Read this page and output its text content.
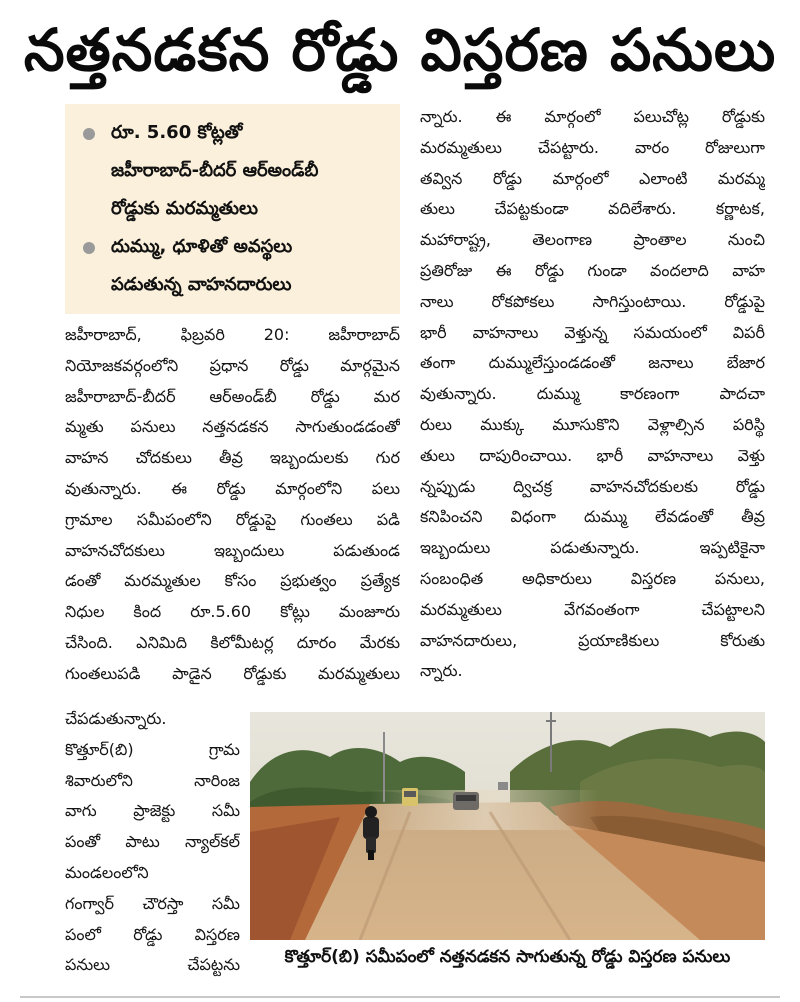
నత్తనడకన రోడ్డు విస్తరణ పనులు
రూ. 5.60 కోట్లతో
జహీరాబాద్‌-బీదర్‌ ఆర్‌అండ్‌బీ
రోడ్డుకు మరమ్మతులు
దుమ్ము, ధూళితో అవస్థలు
పడుతున్న వాహనదారులు
జహీరాబాద్‌, ఫిబ్రవరి 20: జహీరాబాద్‌
నియోజకవర్గంలోని ప్రధాన రోడ్డు మార్గమైన
జహీరాబాద్‌-బీదర్‌ ఆర్‌అండ్‌బీ రోడ్డు మర
మ్మతు పనులు నత్తనడకన సాగుతుండడంతో
వాహన చోదకులు తీవ్ర ఇబ్బందులకు గుర
వుతున్నారు. ఈ రోడ్డు మార్గంలోని పలు
గ్రామాల సమీపంలోని రోడ్డుపై గుంతలు పడి
వాహనచోదకులు ఇబ్బందులు పడుతుండ
డంతో మరమ్మతుల కోసం ప్రభుత్వం ప్రత్యేక
నిధుల కింద రూ.5.60 కోట్లు మంజూరు
చేసింది. ఎనిమిది కిలోమీటర్ల దూరం మేరకు
గుంతలుపడి పాడైన రోడ్డుకు మరమ్మతులు
చేపడుతున్నారు.
కొత్తూర్‌(బి) గ్రామ
శివారులోని నారింజ
వాగు ప్రాజెక్టు సమీ
పంతో పాటు న్యాల్‌కల్‌
మండలంలోని
గంగ్వార్‌ చౌరస్తా సమీ
పంలో రోడ్డు విస్తరణ
పనులు చేపట్టను
న్నారు. ఈ మార్గంలో పలుచోట్ల రోడ్డుకు
మరమ్మతులు చేపట్టారు. వారం రోజులుగా
తవ్విన రోడ్డు మార్గంలో ఎలాంటి మరమ్మ
తులు చేపట్టకుండా వదిలేశారు. కర్ణాటక,
మహారాష్ట్ర, తెలంగాణ ప్రాంతాల నుంచి
ప్రతిరోజు ఈ రోడ్డు గుండా వందలాది వాహ
నాలు రోకపోకలు సాగిస్తుంటాయి. రోడ్డుపై
భారీ వాహనాలు వెళ్తున్న సమయంలో విపరీ
తంగా దుమ్ములేస్తుండడంతో జనాలు బేజార
వుతున్నారు. దుమ్ము కారణంగా పాదచా
రులు ముక్కు మూసుకొని వెళ్లాల్సిన పరిస్థి
తులు దాపురించాయి. భారీ వాహనాలు వెళ్తు
న్నప్పుడు ద్విచక్ర వాహనచోదకులకు రోడ్డు
కనిపించని విధంగా దుమ్ము లేవడంతో తీవ్ర
ఇబ్బందులు పడుతున్నారు. ఇప్పటికైనా
సంబంధిత అధికారులు విస్తరణ పనులు,
మరమ్మతులు వేగవంతంగా చేపట్టాలని
వాహనదారులు, ప్రయాణికులు కోరుతు
న్నారు.
కొత్తూర్‌(బి) సమీపంలో నత్తనడకన సాగుతున్న రోడ్డు విస్తరణ పనులు
